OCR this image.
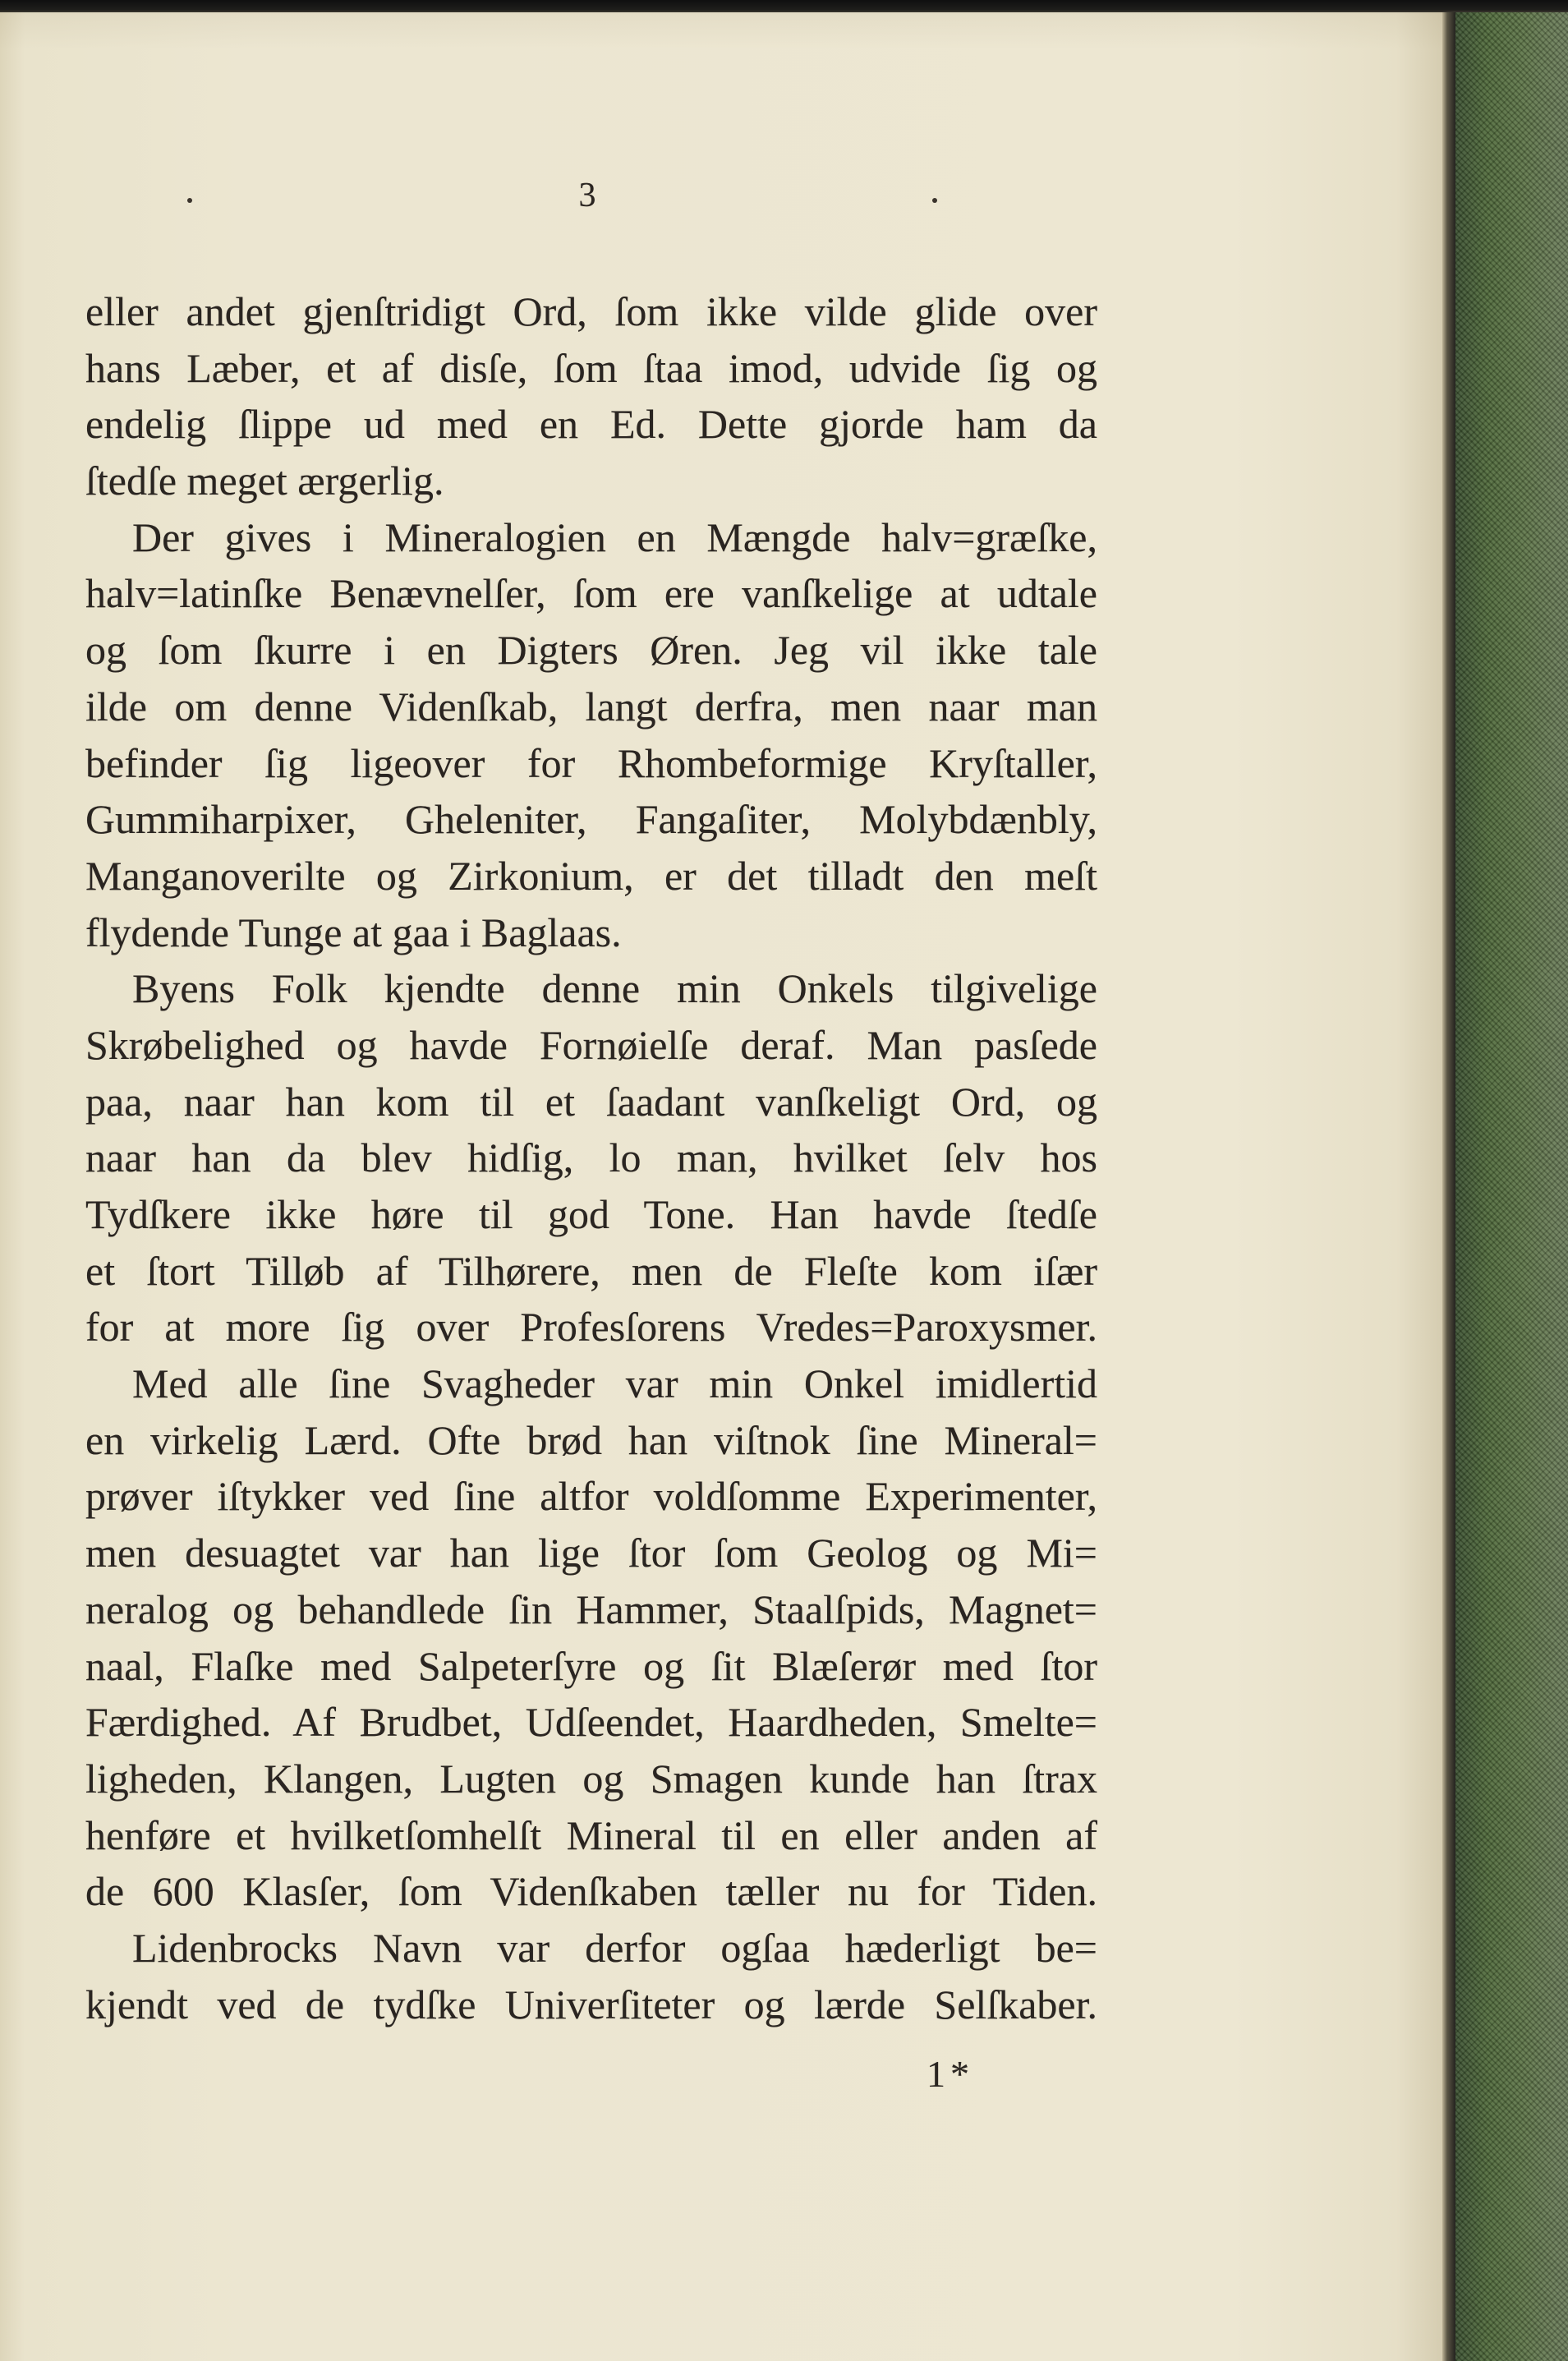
3
eller andet gjenſtridigt Ord, ſom ikke vilde glide over
hans Læber, et af disſe, ſom ſtaa imod, udvide ſig og
endelig ſlippe ud med en Ed. Dette gjorde ham da
ſtedſe meget ærgerlig.
Der gives i Mineralogien en Mængde halv=græſke,
halv=latinſke Benævnelſer, ſom ere vanſkelige at udtale
og ſom ſkurre i en Digters Øren. Jeg vil ikke tale
ilde om denne Videnſkab, langt derfra, men naar man
befinder ſig ligeover for Rhombeformige Kryſtaller,
Gummiharpixer, Gheleniter, Fangaſiter, Molybdænbly,
Manganoverilte og Zirkonium, er det tilladt den meſt
flydende Tunge at gaa i Baglaas.
Byens Folk kjendte denne min Onkels tilgivelige
Skrøbelighed og havde Fornøielſe deraf. Man pasſede
paa, naar han kom til et ſaadant vanſkeligt Ord, og
naar han da blev hidſig, lo man, hvilket ſelv hos
Tydſkere ikke høre til god Tone. Han havde ſtedſe
et ſtort Tilløb af Tilhørere, men de Fleſte kom iſær
for at more ſig over Profesſorens Vredes=Paroxysmer.
Med alle ſine Svagheder var min Onkel imidlertid
en virkelig Lærd. Ofte brød han viſtnok ſine Mineral=
prøver iſtykker ved ſine altfor voldſomme Experimenter,
men desuagtet var han lige ſtor ſom Geolog og Mi=
neralog og behandlede ſin Hammer, Staalſpids, Magnet=
naal, Flaſke med Salpeterſyre og ſit Blæſerør med ſtor
Færdighed. Af Brudbet, Udſeendet, Haardheden, Smelte=
ligheden, Klangen, Lugten og Smagen kunde han ſtrax
henføre et hvilketſomhelſt Mineral til en eller anden af
de 600 Klasſer, ſom Videnſkaben tæller nu for Tiden.
Lidenbrocks Navn var derfor ogſaa hæderligt be=
kjendt ved de tydſke Univerſiteter og lærde Selſkaber.
1*
